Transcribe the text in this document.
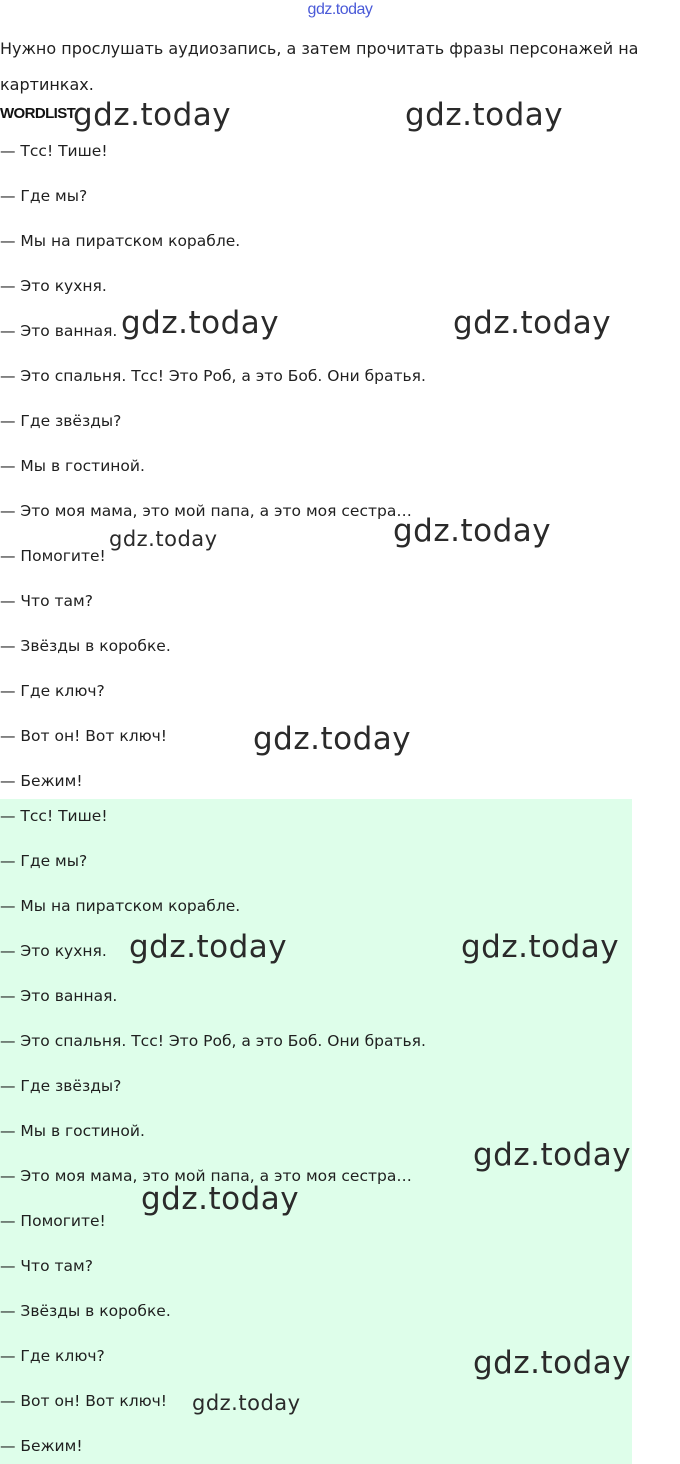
gdz.today

Нужно прослушать аудиозапись, а затем прочитать фразы персонажей на картинках.

WORDLIST
— Тсс! Тише!
— Где мы?
— Мы на пиратском корабле.
— Это кухня.
— Это ванная.
— Это спальня. Тсс! Это Роб, а это Боб. Они братья.
— Где звёзды?
— Мы в гостиной.
— Это моя мама, это мой папа, а это моя сестра…
— Помогите!
— Что там?
— Звёзды в коробке.
— Где ключ?
— Вот он! Вот ключ!
— Бежим!
— Тсс! Тише!
— Где мы?
— Мы на пиратском корабле.
— Это кухня.
— Это ванная.
— Это спальня. Тсс! Это Роб, а это Боб. Они братья.
— Где звёзды?
— Мы в гостиной.
— Это моя мама, это мой папа, а это моя сестра…
— Помогите!
— Что там?
— Звёзды в коробке.
— Где ключ?
— Вот он! Вот ключ!
— Бежим!
gdz.today	gdz.today
gdz.today	gdz.today
gdz.today	gdz.today
gdz.today
gdz.today	gdz.today
gdz.today
gdz.today
gdz.today
gdz.today
